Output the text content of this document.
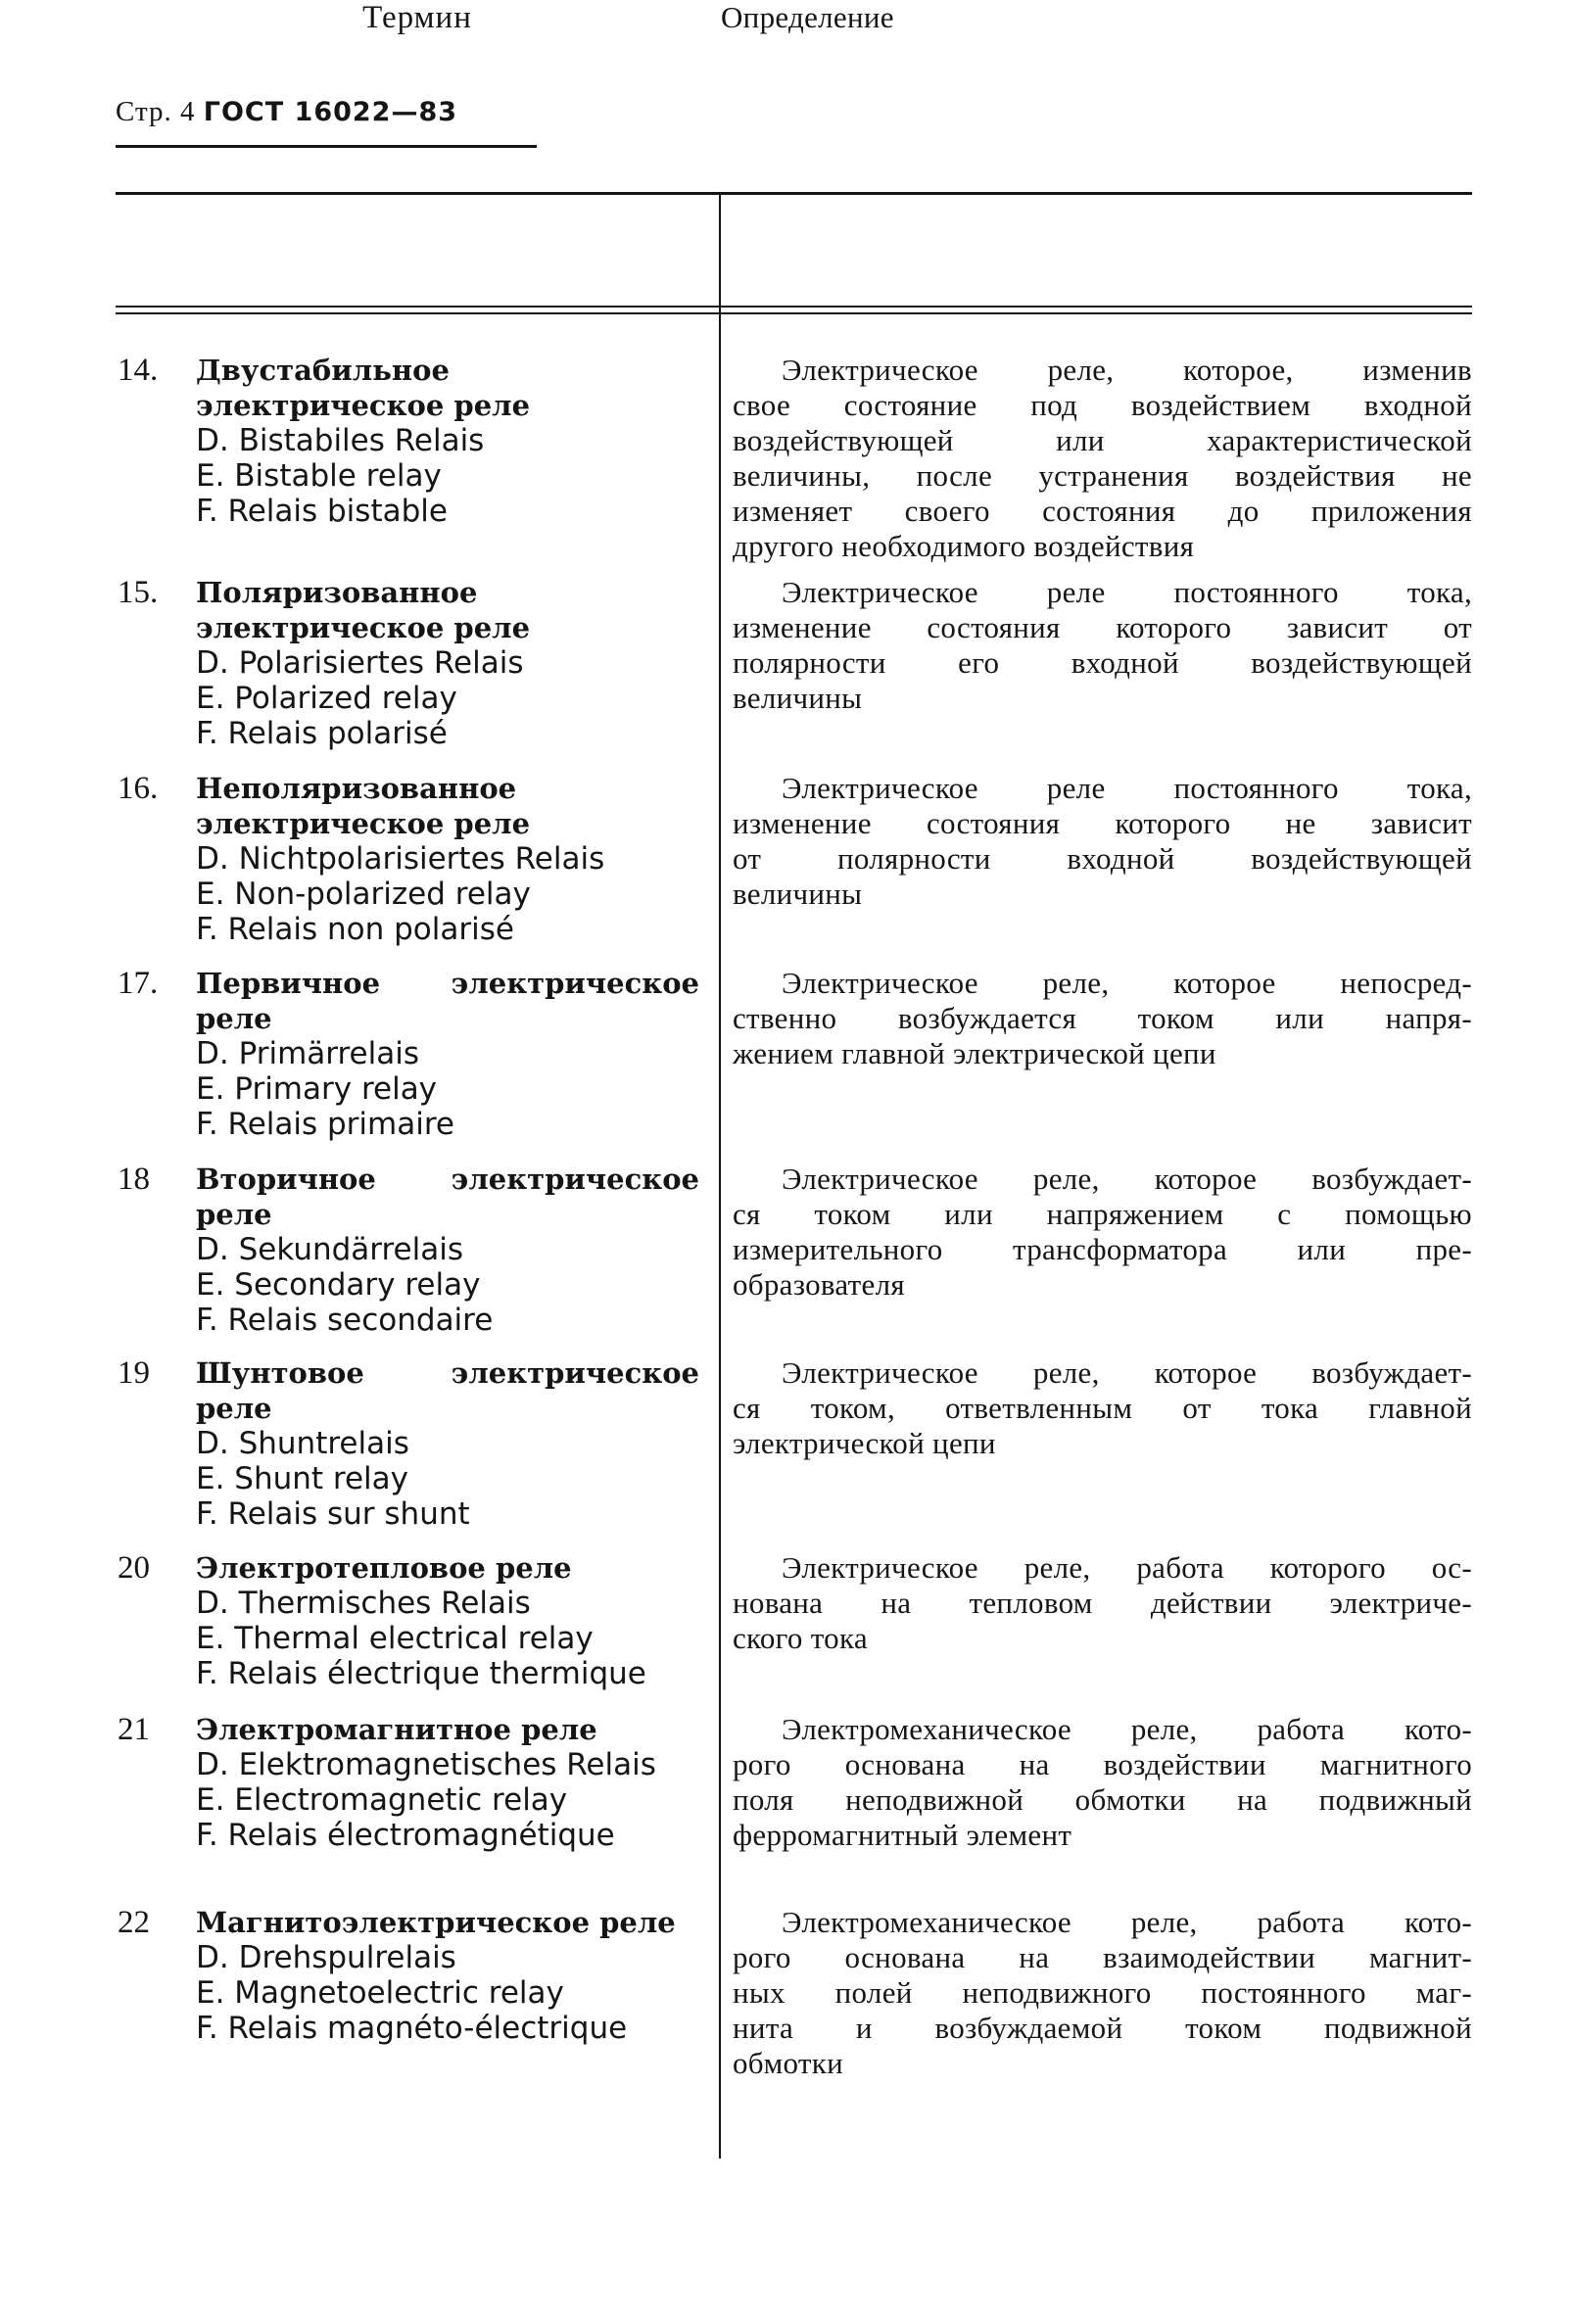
Стр. 4 ГОСТ 16022—83
Термин	Определение
14. Двустабильное электрическое реле
D. Bistabiles Relais
E. Bistable relay
F. Relais bistable
Электрическое реле, которое, изменив
свое состояние под воздействием входной
воздействующей или характеристической
величины, после устранения воздействия не
изменяет своего состояния до приложения
другого необходимого воздействия
15. Поляризованное электрическое реле
D. Polarisiertes Relais
E. Polarized relay
F. Relais polarisé
Электрическое реле постоянного тока,
изменение состояния которого зависит от
полярности его входной воздействующей
величины
16. Неполяризованное электрическое реле
D. Nichtpolarisiertes Relais
E. Non-polarized relay
F. Relais non polarisé
Электрическое реле постоянного тока,
изменение состояния которого не зависит
от полярности входной воздействующей
величины
17. Первичное электрическое реле
D. Primärrelais
E. Primary relay
F. Relais primaire
Электрическое реле, которое непосред-
ственно возбуждается током или напря-
жением главной электрической цепи
18 Вторичное электрическое реле
D. Sekundärrelais
E. Secondary relay
F. Relais secondaire
Электрическое реле, которое возбуждает-
ся током или напряжением с помощью
измерительного трансформатора или пре-
образователя
19 Шунтовое электрическое реле
D. Shuntrelais
E. Shunt relay
F. Relais sur shunt
Электрическое реле, которое возбуждает-
ся током, ответвленным от тока главной
электрической цепи
20 Электротепловое реле
D. Thermisches Relais
E. Thermal electrical relay
F. Relais électrique thermique
Электрическое реле, работа которого ос-
нована на тепловом действии электриче-
ского тока
21 Электромагнитное реле
D. Elektromagnetisches Relais
E. Electromagnetic relay
F. Relais électromagnétique
Электромеханическое реле, работа кото-
рого основана на воздействии магнитного
поля неподвижной обмотки на подвижный
ферромагнитный элемент
22 Магнитоэлектрическое реле
D. Drehspulrelais
E. Magnetoelectric relay
F. Relais magnéto-électrique
Электромеханическое реле, работа кото-
рого основана на взаимодействии магнит-
ных полей неподвижного постоянного маг-
нита и возбуждаемой током подвижной
обмотки
